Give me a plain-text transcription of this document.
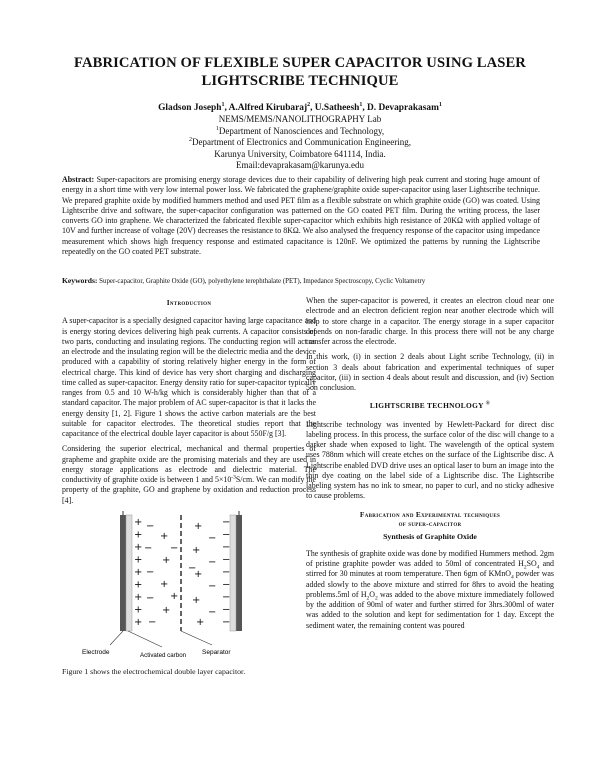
FABRICATION OF FLEXIBLE SUPER CAPACITOR USING LASER LIGHTSCRIBE TECHNIQUE
Gladson Joseph$^1$, A.Alfred Kirubaraj$^2$, U.Satheesh$^1$, D. Devaprakasam$^1$
NEMS/MEMS/NANOLITHOGRAPHY Lab
$^1$Department of Nanosciences and Technology,
$^2$Department of Electronics and Communication Engineering,
Karunya University, Coimbatore 641114, India.
Email:devaprakasam@karunya.edu
Abstract: Super-capacitors are promising energy storage devices due to their capability of delivering high peak current and storing huge amount of energy in a short time with very low internal power loss. We fabricated the graphene/graphite oxide super-capacitor using laser Lightscribe technique. We prepared graphite oxide by modified hummers method and used PET film as a flexible substrate on which graphite oxide (GO) was coated. Using Lightscribe drive and software, the super-capacitor configuration was patterned on the GO coated PET film. During the writing process, the laser converts GO into graphene. We characterized the fabricated flexible super-capacitor which exhibits high resistance of 20KΩ with applied voltage of 10V and further increase of voltage (20V) decreases the resistance to 8KΩ. We also analysed the frequency response of the capacitor using impedance measurement which shows high frequency response and estimated capacitance is 120nF. We optimized the patterns by running the Lightscribe repeatedly on the GO coated PET substrate.
Keywords: Super-capacitor, Graphite Oxide (GO), polyethylene terephthalate (PET), Impedance Spectroscopy, Cyclic Voltametry
Introduction

A super-capacitor is a specially designed capacitor having large capacitance and is energy storing devices delivering high peak currents. A capacitor consists of two parts, conducting and insulating regions. The conducting region will act as an electrode and the insulating region will be the dielectric media and the device produced with a capability of storing relatively higher energy in the form of electrical charge. This kind of device has very short charging and discharging time called as super-capacitor. Energy density ratio for super-capacitor typically ranges from 0.5 and 10 W-h/kg which is considerably higher than that of a standard capacitor. The major problem of AC super-capacitor is that it lacks the energy density [1, 2]. Figure 1 shows the active carbon materials are the best suitable for capacitor electrodes. The theoretical studies report that the capacitance of the electrical double layer capacitor is about 550F/g [3].

Considering the superior electrical, mechanical and thermal properties of grapheme and graphite oxide are the promising materials and they are used in energy storage applications as electrode and dielectric material. The conductivity of graphite oxide is between 1 and $5\times 10^{-3}S/cm$. We can modify the property of the graphite, GO and graphene by oxidation and reduction process [4].

+	−
+	−
+	−
+	−
+	−
+	−
+	−
+	−
+	−
−
+
−
+
−
+
−
+
−
−
+
+
−
+
−
+
−
+
−
+
−
Electrode	Activated carbon Separator
Figure 1 shows the electrochemical double layer capacitor.

When the super-capacitor is powered, it creates an electron cloud near one electrode and an electron deficient region near another electrode which will help to store charge in a capacitor. The energy storage in a super capacitor depends on non-faradic charge. In this process there will not be any charge transfer across the electrode.

In this work, (i) in section 2 deals about Light scribe Technology, (ii) in section 3 deals about fabrication and experimental techniques of super capacitor, (iii) in section 4 deals about result and discussion, and (iv) Section 5on conclusion.

LIGHTSCRIBE TECHNOLOGY ®

Lightscribe technology was invented by Hewlett-Packard for direct disc labeling process. In this process, the surface color of the disc will change to a darker shade when exposed to light. The wavelength of the optical system uses 788nm which will create etches on the surface of the Lightscribe disc. A Lightscribe enabled DVD drive uses an optical laser to burn an image into the thin dye coating on the label side of a Lightscribe disc. The Lightscribe labeling system has no ink to smear, no paper to curl, and no sticky adhesive to cause problems.

Fabrication and Experimental techniques
of super-capacitor
Synthesis of Graphite Oxide

The synthesis of graphite oxide was done by modified Hummers method. 2gm of pristine graphite powder was added to 50ml of concentrated $H_2SO_4$ and stirred for 30 minutes at room temperature. Then 6gm of KMnO$_4$ powder was added slowly to the above mixture and stirred for 8hrs to avoid the heating problems.5ml of $H_2O_2$ was added to the above mixture immediately followed by the addition of 90ml of water and further stirred for 3hrs.300ml of water was added to the solution and kept for sedimentation for 1 day. Except the sediment water, the remaining content was poured
